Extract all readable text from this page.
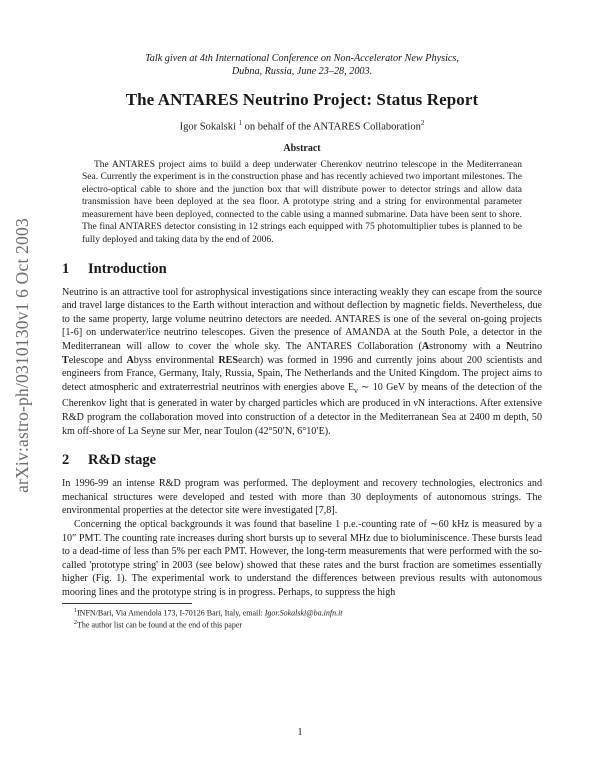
arXiv:astro-ph/0310130v1 6 Oct 2003
Talk given at 4th International Conference on Non-Accelerator New Physics,
Dubna, Russia, June 23–28, 2003.
The ANTARES Neutrino Project: Status Report
Igor Sokalski $^1$ on behalf of the ANTARES Collaboration$^2$
Abstract

The ANTARES project aims to build a deep underwater Cherenkov neutrino telescope in the Mediterranean Sea. Currently the experiment is in the construction phase and has recently achieved two important milestones. The electro-optical cable to shore and the junction box that will distribute power to detector strings and allow data transmission have been deployed at the sea floor. A prototype string and a string for environmental parameter measurement have been deployed, connected to the cable using a manned submarine. Data have been sent to shore. The final ANTARES detector consisting in 12 strings each equipped with 75 photomultiplier tubes is planned to be fully deployed and taking data by the end of 2006.

1	Introduction

Neutrino is an attractive tool for astrophysical investigations since interacting weakly they can escape from the source and travel large distances to the Earth without interaction and without deflection by magnetic fields. Nevertheless, due to the same property, large volume neutrino detectors are needed. ANTARES is one of the several on-going projects [1-6] on underwater/ice neutrino telescopes. Given the presence of AMANDA at the South Pole, a detector in the Mediterranean will allow to cover the whole sky. The ANTARES Collaboration (Astronomy with a Neutrino Telescope and Abyss environmental RESearch) was formed in 1996 and currently joins about 200 scientists and engineers from France, Germany, Italy, Russia, Spain, The Netherlands and the United Kingdom. The project aims to detect atmospheric and extraterrestrial neutrinos with energies above $E_\nu$ ∼ 10 GeV by means of the detection of the Cherenkov light that is generated in water by charged particles which are produced in νN interactions. After extensive R&D program the collaboration moved into construction of a detector in the Mediterranean Sea at 2400 m depth, 50 km off-shore of La Seyne sur Mer, near Toulon (42°50′N, 6°10′E).

2	R&D stage

In 1996-99 an intense R&D program was performed. The deployment and recovery technologies, electronics and mechanical structures were developed and tested with more than 30 deployments of autonomous strings. The environmental properties at the detector site were investigated [7,8].

Concerning the optical backgrounds it was found that baseline 1 p.e.-counting rate of ∼60 kHz is measured by a 10″ PMT. The counting rate increases during short bursts up to several MHz due to bioluminiscence. These bursts lead to a dead-time of less than 5% per each PMT. However, the long-term measurements that were performed with the so-called 'prototype string' in 2003 (see below) showed that these rates and the burst fraction are sometimes essentially higher (Fig. 1). The experimental work to understand the differences between previous results with autonomous mooring lines and the prototype string is in progress. Perhaps, to suppress the high

$^1$INFN/Bari, Via Amendola 173, I-70126 Bari, Italy, email: Igor.Sokalski@ba.infn.it
$^2$The author list can be found at the end of this paper
1
